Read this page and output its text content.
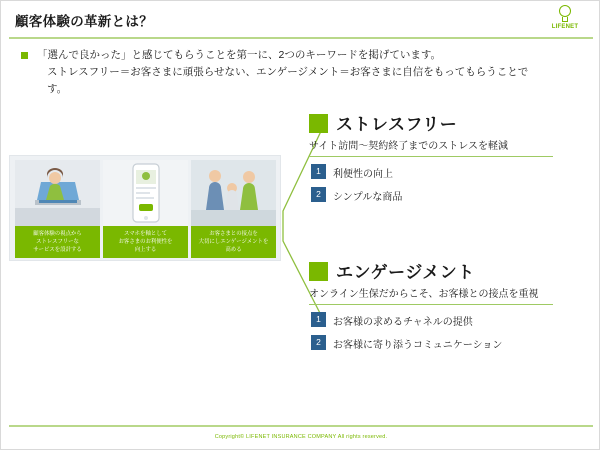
顧客体験の革新とは？	LIFENET
「選んで良かった」と感じてもらうことを第一に、2つのキーワードを掲げています。
ストレスフリー＝お客さまに頑張らせない、エンゲージメント＝お客さまに自信をもってもらうことです。
顧客体験の視点から
ストレスフリーな
サービスを設計する
スマホを軸として
お客さまのお利便性を
向上する
お客さまとの接点を
大切にしエンゲージメントを
高める
ストレスフリー
サイト訪問〜契約終了までのストレスを軽減
1	利便性の向上
2	シンプルな商品
エンゲージメント
オンライン生保だからこそ、お客様との接点を重視
1	お客様の求めるチャネルの提供
2	お客様に寄り添うコミュニケーション
Copyright© LIFENET INSURANCE COMPANY All rights reserved.
